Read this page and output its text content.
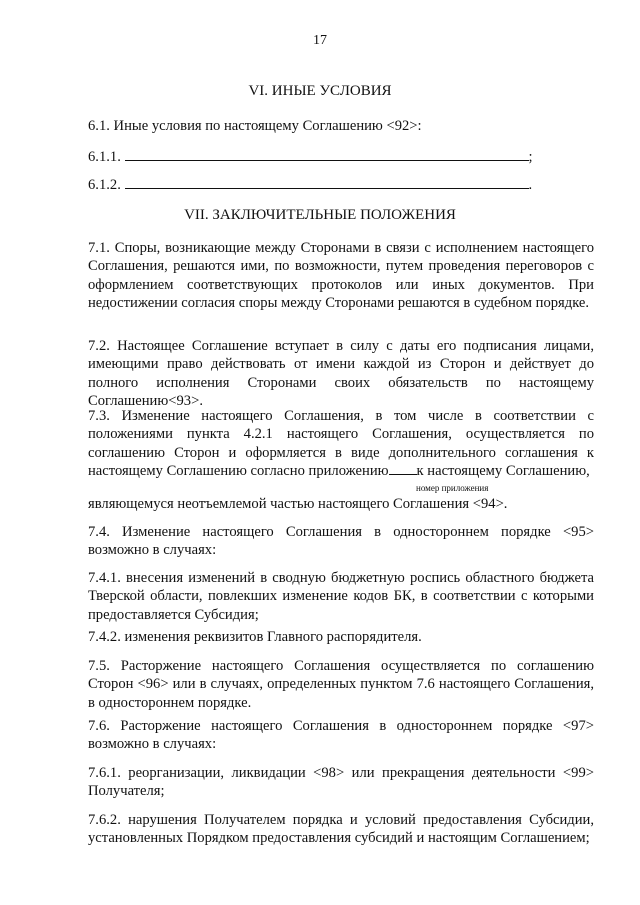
17
VI. ИНЫЕ УСЛОВИЯ
6.1. Иные условия по настоящему Соглашению <92>:
6.1.1.	;
6.1.2.	.
VII. ЗАКЛЮЧИТЕЛЬНЫЕ ПОЛОЖЕНИЯ
7.1. Споры, возникающие между Сторонами в связи с исполнением настоящего Соглашения, решаются ими, по возможности, путем проведения переговоров с оформлением соответствующих протоколов или иных документов. При недостижении согласия споры между Сторонами решаются в судебном порядке.
7.2. Настоящее Соглашение вступает в силу с даты его подписания лицами, имеющими право действовать от имени каждой из Сторон и действует до полного исполнения Сторонами своих обязательств по настоящему Соглашению<93>.
7.3. Изменение настоящего Соглашения, в том числе в соответствии с положениями пункта 4.2.1 настоящего Соглашения, осуществляется по соглашению Сторон и оформляется в виде дополнительного соглашения к настоящему Соглашению согласно приложению к настоящему Соглашению,
номер приложения
являющемуся неотъемлемой частью настоящего Соглашения <94>.
7.4. Изменение настоящего Соглашения в одностороннем порядке <95> возможно в случаях:
7.4.1. внесения изменений в сводную бюджетную роспись областного бюджета Тверской области, повлекших изменение кодов БК, в соответствии с которыми предоставляется Субсидия;
7.4.2. изменения реквизитов Главного распорядителя.
7.5. Расторжение настоящего Соглашения осуществляется по соглашению Сторон <96> или в случаях, определенных пунктом 7.6 настоящего Соглашения, в одностороннем порядке.
7.6. Расторжение настоящего Соглашения в одностороннем порядке <97> возможно в случаях:
7.6.1. реорганизации, ликвидации <98> или прекращения деятельности <99> Получателя;
7.6.2. нарушения Получателем порядка и условий предоставления Субсидии, установленных Порядком предоставления субсидий и настоящим Соглашением;
